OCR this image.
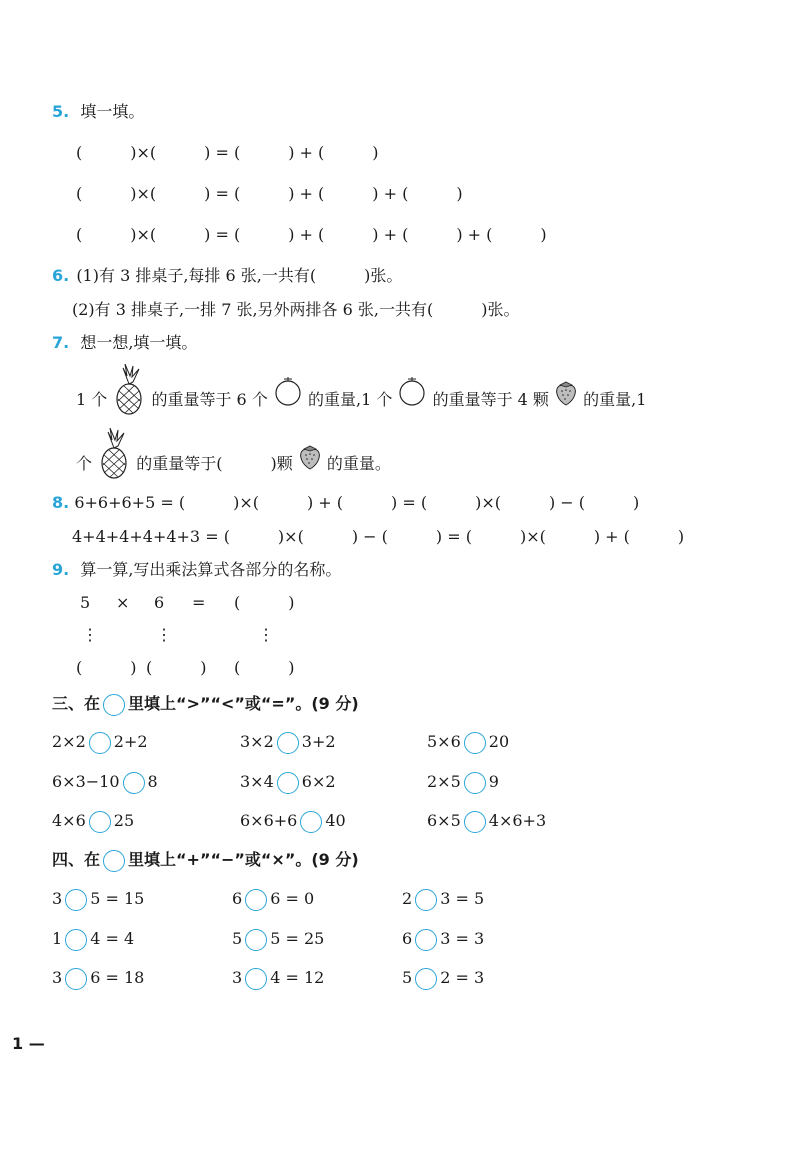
5. 填一填。
(　　　)×(　　　) = (　　　) + (　　　)
(　　　)×(　　　) = (　　　) + (　　　) + (　　　)
(　　　)×(　　　) = (　　　) + (　　　) + (　　　) + (　　　)
6. (1)有 3 排桌子,每排 6 张,一共有(　　　)张。
(2)有 3 排桌子,一排 7 张,另外两排各 6 张,一共有(　　　)张。
7. 想一想,填一填。
1 个	的重量等于 6 个	的重量,1 个	的重量等于 4 颗 的重量,1
个	的重量等于(　　　)颗 的重量。
8. 6+6+6+5 = (　　　)×(　　　) + (　　　) = (　　　)×(　　　) − (　　　)
4+4+4+4+4+3 = (　　　)×(　　　) − (　　　) = (　　　)×(　　　) + (　　　)
9. 算一算,写出乘法算式各部分的名称。
5 × 6 = (　　　)
⋮	⋮	⋮
(　　　) (　　　) (　　　)
三、在 里填上“>”“<”或“=”。(9 分)
2×2 2+2	3×2 3+2	5×6 20
6×3−10 8	3×4 6×2	2×5 9
4×6 25	6×6+6 40	6×5 4×6+3
四、在 里填上“+”“−”或“×”。(9 分)
3 5 = 15	6 6 = 0	2 3 = 5
1 4 = 4	5 5 = 25	6 3 = 3
3 6 = 18	3 4 = 12	5 2 = 3
1 —
